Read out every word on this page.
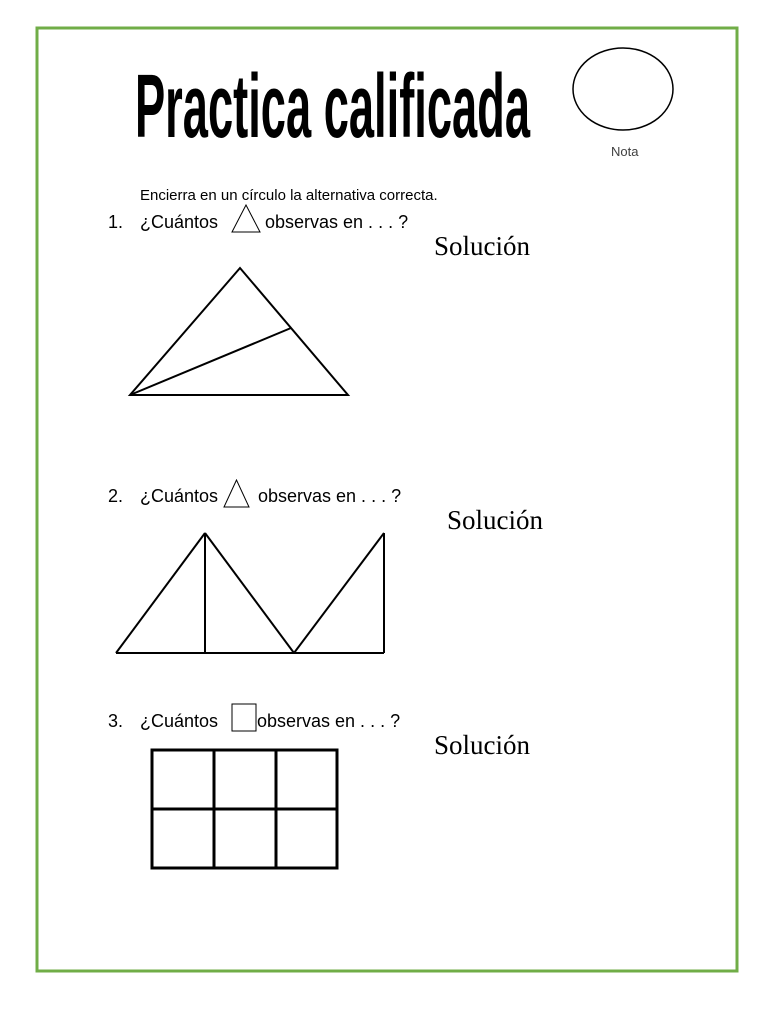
Practica calificada	Nota
Encierra en un círculo la alternativa correcta.
1. ¿Cuántos	observas en . . . ?
Solución
2. ¿Cuántos observas en . . . ?
Solución
3. ¿Cuántos observas en . . . ?
Solución
